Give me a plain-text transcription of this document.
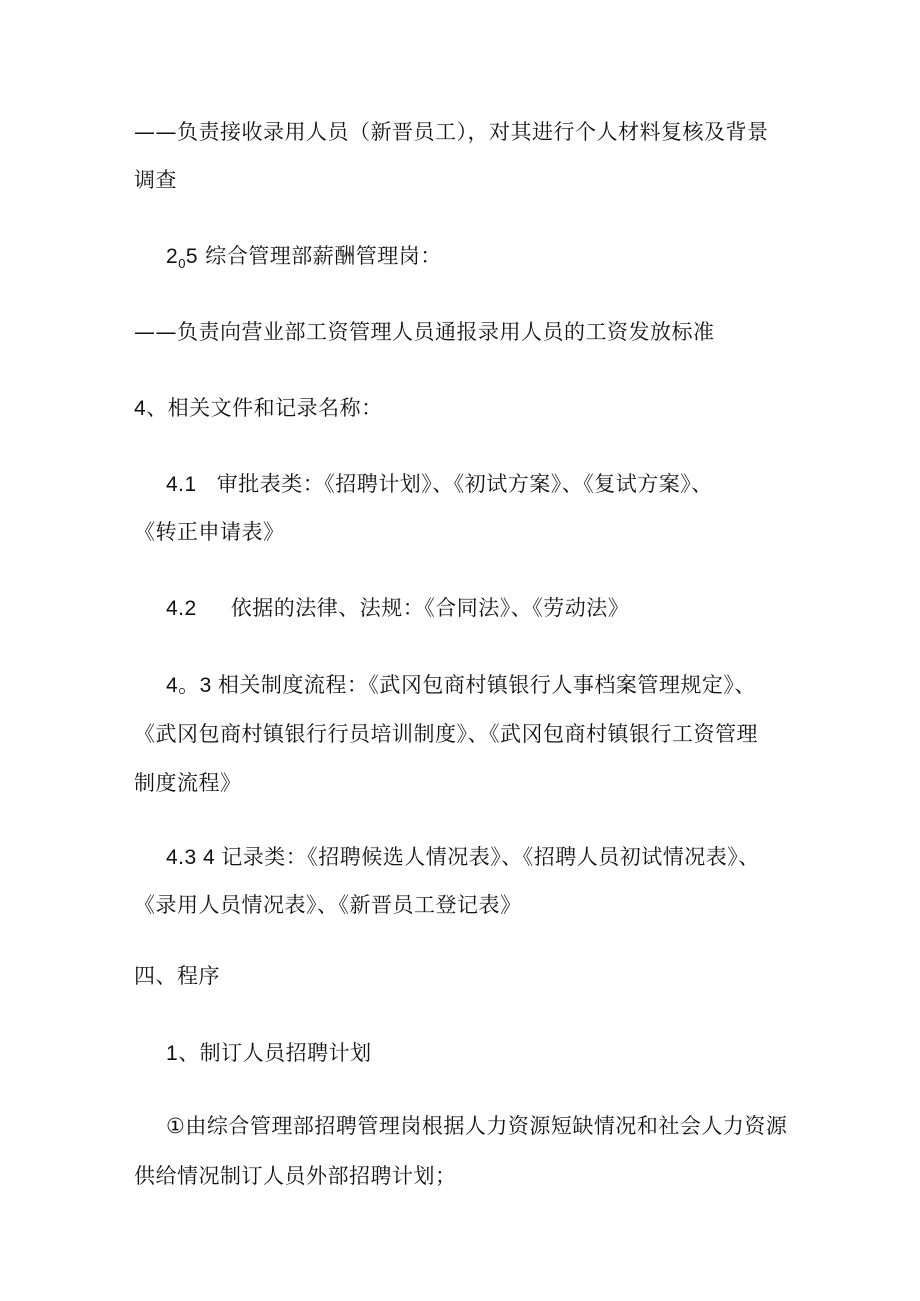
——负责接收录用人员（新晋员工），对其进行个人材料复核及背景
调查
$2_05$ 综合管理部薪酬管理岗：
——负责向营业部工资管理人员通报录用人员的工资发放标准
4、相关文件和记录名称：
4.1 审批表类：《招聘计划》、《初试方案》、《复试方案》、
《转正申请表》
4.2 依据的法律、法规：《合同法》、《劳动法》
4。3 相关制度流程：《武冈包商村镇银行人事档案管理规定》、
《武冈包商村镇银行行员培训制度》、《武冈包商村镇银行工资管理
制度流程》
4.3 4 记录类：《招聘候选人情况表》、《招聘人员初试情况表》、
《录用人员情况表》、《新晋员工登记表》
四、程序
1、制订人员招聘计划
①由综合管理部招聘管理岗根据人力资源短缺情况和社会人力资源
供给情况制订人员外部招聘计划；
